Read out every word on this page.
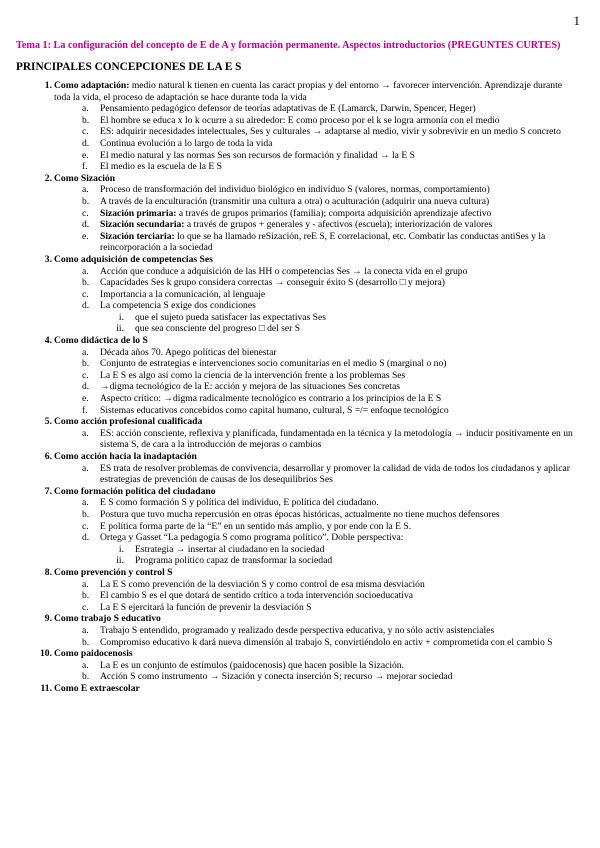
1

Tema 1: La configuración del concepto de E de A y formación permanente. Aspectos introductorios (PREGUNTES CURTES)

PRINCIPALES CONCEPCIONES DE LA E S
1. Como adaptación: medio natural k tienen en cuenta las caract propias y del entorno → favorecer intervención. Aprendizaje durante toda la vida, el proceso de adaptación se hace durante toda la vida
a.	Pensamiento pedagógico defensor de teorías adaptativas de E (Lamarck, Darwin, Spencer, Heger)
b. El hombre se educa x lo k ocurre a su alrededor: E como proceso por el k se logra armonía con el medio
c.	ES: adquirir necesidades intelectuales, Ses y culturales → adaptarse al medio, vivir y sobrevivir en un medio S concreto
d. Continua evolución a lo largo de toda la vida
e.	El medio natural y las normas Ses son recursos de formación y finalidad → la E S
f.	El medio es la escuela de la E S
2. Como Sización
a.	Proceso de transformación del individuo biológico en individuo S (valores, normas, comportamiento)
b. A través de la enculturación (transmitir una cultura a otra) o aculturación (adquirir una nueva cultura)
c.	Sización primaria: a través de grupos primarios (familia); comporta adquisición aprendizaje afectivo
d. Sización secundaria: a través de grupos + generales y - afectivos (escuela); interiorización de valores
e.	Sización terciaria: lo que se ha llamado reSización, reE S, E correlacional, etc. Combatir las conductas antiSes y la reincorporación a la sociedad
3. Como adquisición de competencias Ses
a.	Acción que conduce a adquisición de las HH o competencias Ses → la conecta vida en el grupo
b. Capacidades Ses k grupo considera correctas → conseguir éxito S (desarrollo □ y mejora)
c.	Importancia a la comunicación, al lenguaje
d. La competencia S exige dos condiciones
i. que el sujeto pueda satisfacer las expectativas Ses
ii. que sea consciente del progreso □ del ser S
4. Como didáctica de lo S
a.	Década años 70. Apego políticas del bienestar
b. Conjunto de estrategias e intervenciones socio comunitarias en el medio S (marginal o no)
c.	La E S es algo así como la ciencia de la intervención frente a los problemas Ses
d. →digma tecnológico de la E: acción y mejora de las situaciones Ses concretas
e.	Aspecto crítico: →digma radicalmente tecnológico es contrario a los principios de la E S
f.	Sistemas educativos concebidos como capital humano, cultural, S =/= enfoque tecnológico
5. Como acción profesional cualificada
a.	ES: acción consciente, reflexiva y planificada, fundamentada en la técnica y la metodología → inducir positivamente en un sistema S, de cara a la introducción de mejoras o cambios
6. Como acción hacia la inadaptación
a.	ES trata de resolver problemas de convivencia, desarrollar y promover la calidad de vida de todos los ciudadanos y aplicar estrategias de prevención de causas de los desequilibrios Ses
7. Como formación política del ciudadano
a.	E S como formación S y política del individuo, E política del ciudadano.
b. Postura que tuvo mucha repercusión en otras épocas históricas, actualmente no tiene muchos defensores
c.	E política forma parte de la “E” en un sentido más amplio, y por ende con la E S.
d. Ortega y Gasset “La pedagogía S como programa político”. Doble perspectiva:
i. Estrategia → insertar al ciudadano en la sociedad
ii. Programa político capaz de transformar la sociedad
8. Como prevención y control S
a.	La E S como prevención de la desviación S y como control de esa misma desviación
b. El cambio S es el que dotará de sentido crítico a toda intervención socioeducativa
c.	La E S ejercitará la función de prevenir la desviación S
9. Como trabajo S educativo
a.	Trabajo S entendido, programado y realizado desde perspectiva educativa, y no sólo activ asistenciales
b. Compromiso educativo k dará nueva dimensión al trabajo S, convirtiéndolo en activ + comprometida con el cambio S
10. Como paidocenosis
a.	La E es un conjunto de estímulos (paidocenosis) que hacen posible la Sización.
b. Acción S como instrumento → Sización y conecta inserción S; recurso → mejorar sociedad
11. Como E extraescolar
